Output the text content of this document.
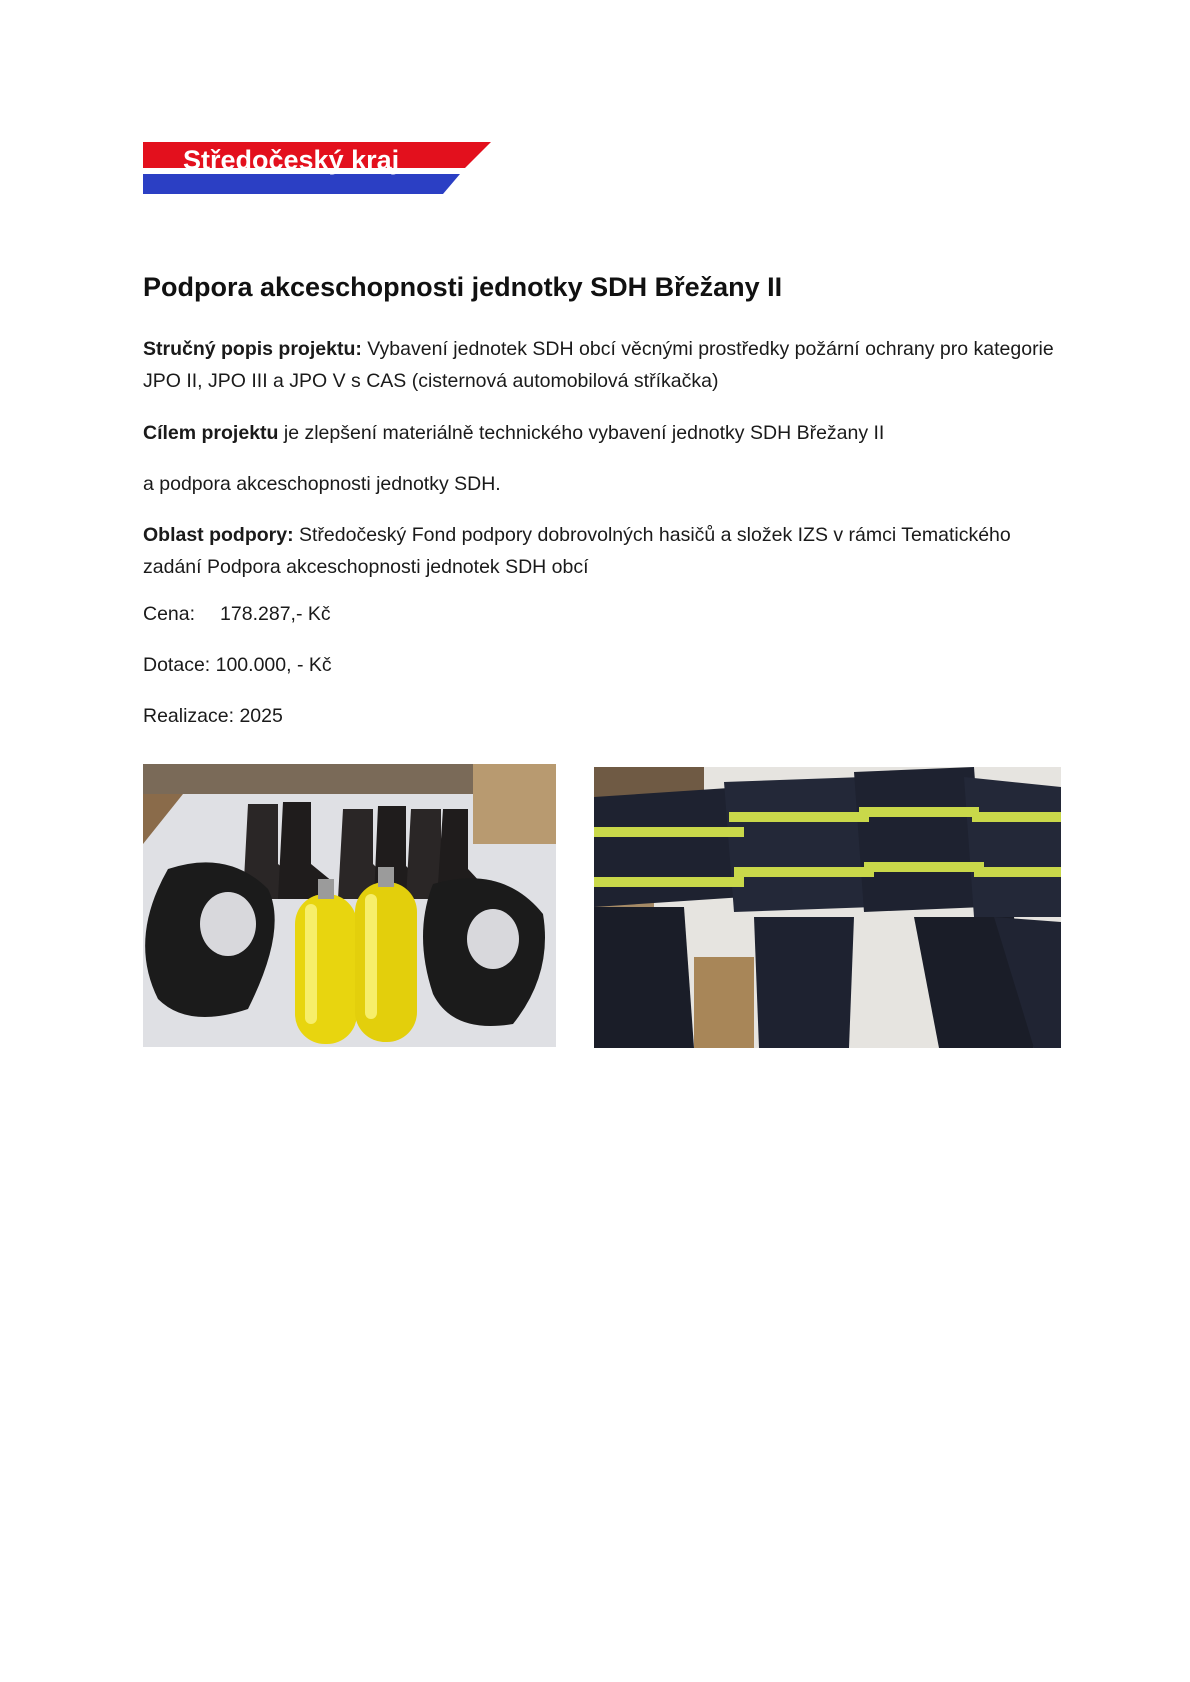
Středočeský kraj
Podpora akceschopnosti jednotky SDH Břežany II

Stručný popis projektu: Vybavení jednotek SDH obcí věcnými prostředky požární ochrany pro kategorie JPO II, JPO III a JPO V s CAS (cisternová automobilová stříkačka)

Cílem projektu je zlepšení materiálně technického vybavení jednotky SDH Břežany II

a podpora akceschopnosti jednotky SDH.

Oblast podpory: Středočeský Fond podpory dobrovolných hasičů a složek IZS v rámci Tematického zadání Podpora akceschopnosti jednotek SDH obcí

Cena: 178.287,- Kč
Dotace: 100.000, - Kč
Realizace: 2025
